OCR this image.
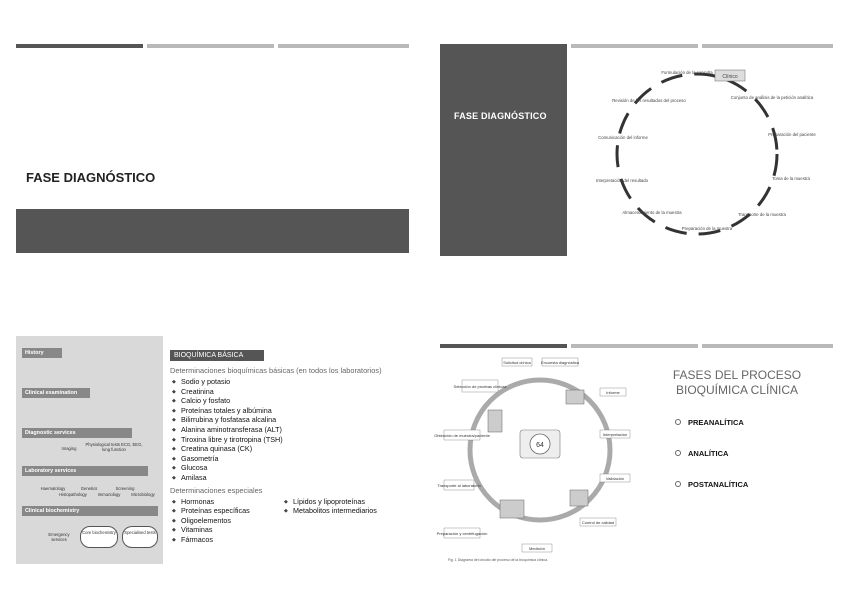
FASE DIAGNÓSTICO
FASE DIAGNÓSTICO
Formulación de la consulta
Clínico
Conjunto de análisis de la petición analítica
Preparación del paciente
Toma de la muestra
Transporte de la muestra
Preparación de la muestra
Almacenamiento de la muestra
Interpretación del resultado
Comunicación del informe
Revisión de los resultados del proceso
History
Clinical examination
Diagnostic services
Imaging
Physiological tests ECG, EEG, lung function
Laboratory services
Haematology	Genetics	Screening
Histopathology	Immunology	Microbiology
Clinical biochemistry
Emergency services
Core biochemistry	Specialised tests
BIOQUÍMICA BÁSICA
Determinaciones bioquímicas básicas (en todos los laboratorios)
◆ Sodio y potasio
◆ Creatinina
◆ Calcio y fosfato
◆ Proteínas totales y albúmina
◆ Bilirrubina y fosfatasa alcalina
◆ Alanina aminotransferasa (ALT)
◆ Tiroxina libre y tirotropina (TSH)
◆ Creatina quinasa (CK)
◆ Gasometría
◆ Glucosa
◆ Amilasa
Determinaciones especiales
◆ Hormonas
◆ Proteínas específicas
◆ Oligoelementos
◆ Vitaminas
◆ Fármacos
◆ Lípidos y lipoproteínas
◆ Metabolitos intermediarios
64
Solicitud clínica	Encuesta diagnóstica
Informe
Interpretación
Validación
Control de calidad
Medición
Preparación y centrifugación
Transporte al laboratorio
Obtención de muestra/paciente
Selección de pruebas clínicas
Fig. 1 Diagrama del circuito del proceso de la bioquímica clínica.
FASES DEL PROCESO
BIOQUÍMICA CLÍNICA
PREANALÍTICA
ANALÍTICA
POSTANALÍTICA
